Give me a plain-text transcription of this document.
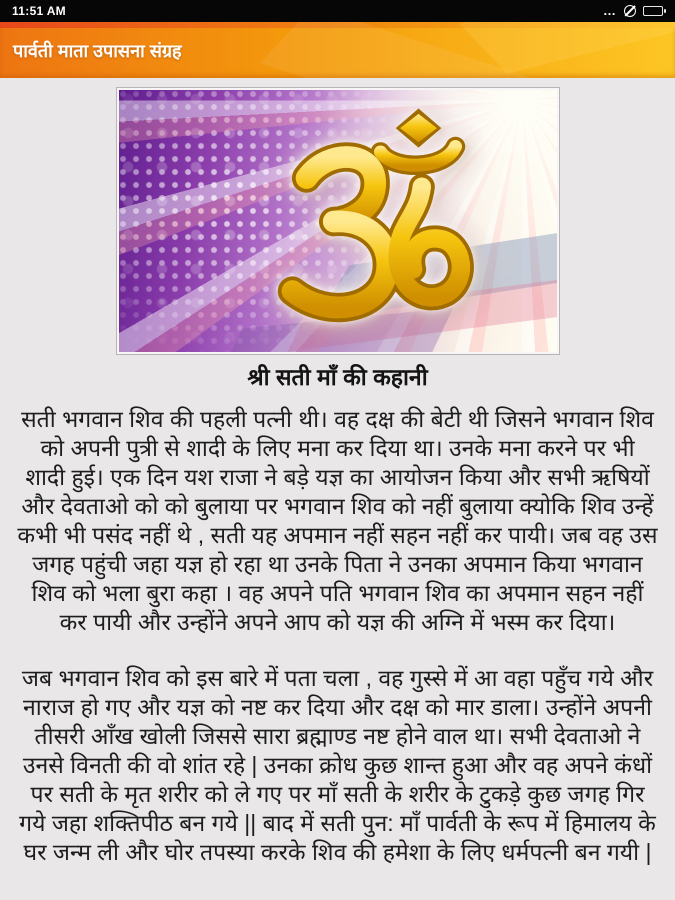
11:51 AM	…
पार्वती माता उपासना संग्रह
श्री सती माँ की कहानी
सती भगवान शिव की पहली पत्नी थी। वह दक्ष की बेटी थी जिसने भगवान शिव
को अपनी पुत्री से शादी के लिए मना कर दिया था। उनके मना करने पर भी
शादी हुई। एक दिन यश राजा ने बड़े यज्ञ का आयोजन किया और सभी ऋषियों
और देवताओ को को बुलाया पर भगवान शिव को नहीं बुलाया क्योकि शिव उन्हें
कभी भी पसंद नहीं थे , सती यह अपमान नहीं सहन नहीं कर पायी। जब वह उस
जगह पहुंची जहा यज्ञ हो रहा था उनके पिता ने उनका अपमान किया भगवान
शिव को भला बुरा कहा । वह अपने पति भगवान शिव का अपमान सहन नहीं
कर पायी और उन्होंने अपने आप को यज्ञ की अग्नि में भस्म कर दिया।
जब भगवान शिव को इस बारे में पता चला , वह गुस्से में आ वहा पहुँच गये और
नाराज हो गए और यज्ञ को नष्ट कर दिया और दक्ष को मार डाला। उन्होंने अपनी
तीसरी आँख खोली जिससे सारा ब्रह्माण्ड नष्ट होने वाल था। सभी देवताओ ने
उनसे विनती की वो शांत रहे | उनका क्रोध कुछ शान्त हुआ और वह अपने कंधों
पर सती के मृत शरीर को ले गए पर माँ सती के शरीर के टुकड़े कुछ जगह गिर
गये जहा शक्तिपीठ बन गये || बाद में सती पुन: माँ पार्वती के रूप में हिमालय के
घर जन्म ली और घोर तपस्या करके शिव की हमेशा के लिए धर्मपत्नी बन गयी |
